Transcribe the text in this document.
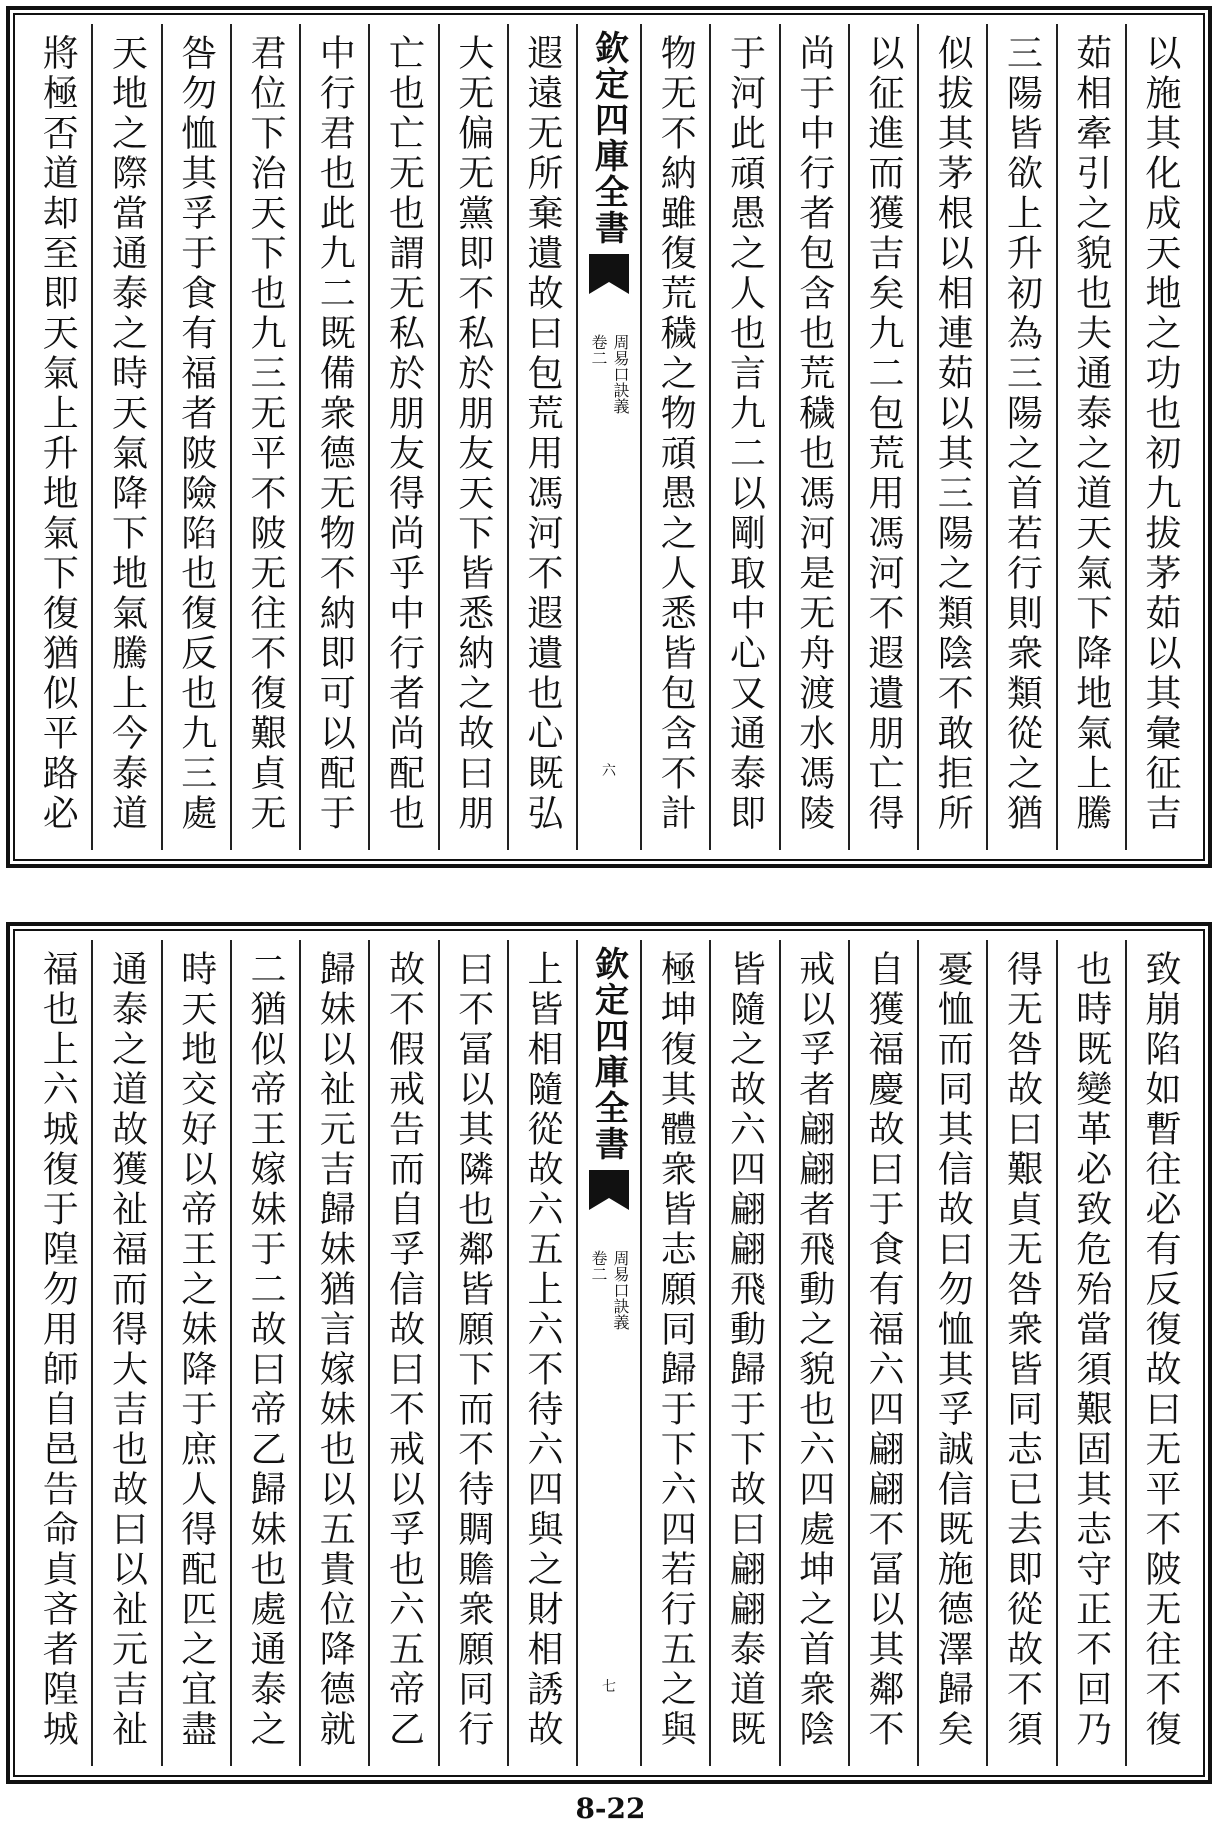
以施其化成天地之功也初九拔茅茹以其彙征吉
茹相牽引之貌也夫通泰之道天氣下降地氣上騰
三陽皆欲上升初為三陽之首若行則衆類從之猶
似拔其茅根以相連茹以其三陽之類陰不敢拒所
以征進而獲吉矣九二包荒用馮河不遐遺朋亡得
尚于中行者包含也荒穢也馮河是无舟渡水馮陵
于河此頑愚之人也言九二以剛取中心又通泰即
物无不納雖復荒穢之物頑愚之人悉皆包含不計
欽定四庫全書
周易口訣義
卷二
六
遐遠无所棄遺故曰包荒用馮河不遐遺也心既弘
大无偏无黨即不私於朋友天下皆悉納之故曰朋
亡也亡无也謂无私於朋友得尚乎中行者尚配也
中行君也此九二既備衆德无物不納即可以配于
君位下治天下也九三无平不陂无往不復艱貞无
咎勿恤其孚于食有福者陂險陷也復反也九三處
天地之際當通泰之時天氣降下地氣騰上今泰道
將極否道却至即天氣上升地氣下復猶似平路必
致崩陷如暫往必有反復故曰无平不陂无往不復
也時既變革必致危殆當須艱固其志守正不回乃
得无咎故曰艱貞无咎衆皆同志已去即從故不須
憂恤而同其信故曰勿恤其孚誠信既施德澤歸矣
自獲福慶故曰于食有福六四翩翩不冨以其鄰不
戒以孚者翩翩者飛動之貌也六四處坤之首衆陰
皆隨之故六四翩翩飛動歸于下故曰翩翩泰道既
極坤復其體衆皆志願同歸于下六四若行五之與
欽定四庫全書
周易口訣義
卷二
七
上皆相隨從故六五上六不待六四與之財相誘故
曰不冨以其隣也鄰皆願下而不待賙贍衆願同行
故不假戒告而自孚信故曰不戒以孚也六五帝乙
歸妹以祉元吉歸妹猶言嫁妹也以五貴位降德就
二猶似帝王嫁妹于二故曰帝乙歸妹也處通泰之
時天地交好以帝王之妹降于庶人得配匹之宜盡
通泰之道故獲祉福而得大吉也故曰以祉元吉祉
福也上六城復于隍勿用師自邑告命貞吝者隍城
8-22
